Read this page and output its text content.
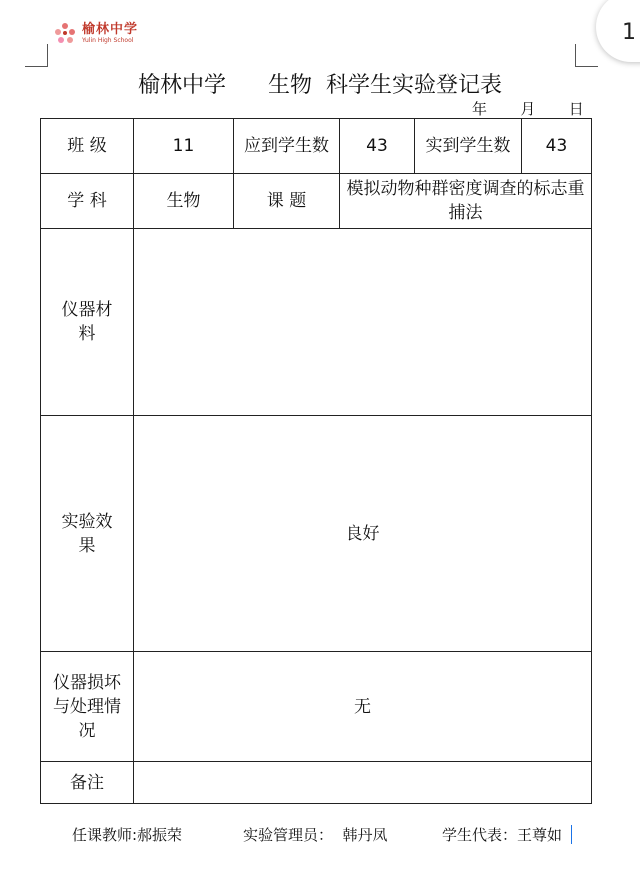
榆林中学
Yulin High School	1
榆林中学      生物  科学生实验登记表
年       月       日
班 级	11	应到学生数	43	实到学生数	43
学 科	生物	课 题	模拟动物种群密度调查的标志重捕法		

仪器材料					

实验效果	良好				

仪器损坏与处理情况	无				
备注					
任课教师:郝振荣	实验管理员：  韩丹凤	学生代表：王尊如
